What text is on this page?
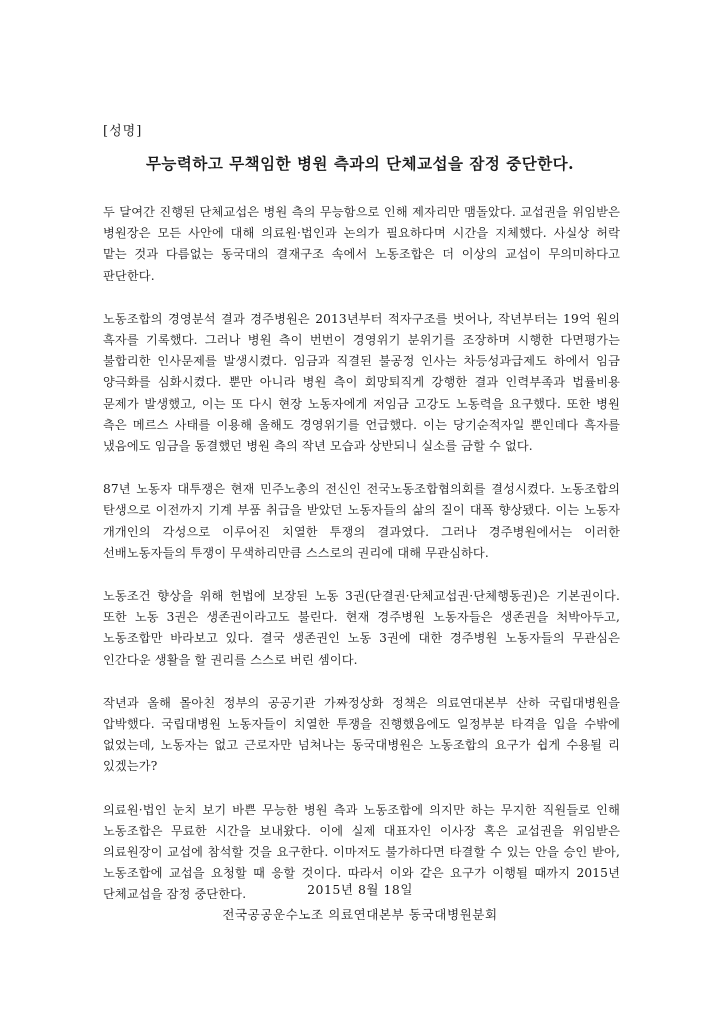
[성명]
무능력하고 무책임한 병원 측과의 단체교섭을 잠정 중단한다.

두 달여간 진행된 단체교섭은 병원 측의 무능함으로 인해 제자리만 맴돌았다. 교섭권을 위임받은 병원장은 모든 사안에 대해 의료원·법인과 논의가 필요하다며 시간을 지체했다. 사실상 허락 맡는 것과 다름없는 동국대의 결재구조 속에서 노동조합은 더 이상의 교섭이 무의미하다고 판단한다.

노동조합의 경영분석 결과 경주병원은 2013년부터 적자구조를 벗어나, 작년부터는 19억 원의 흑자를 기록했다. 그러나 병원 측이 번번이 경영위기 분위기를 조장하며 시행한 다면평가는 불합리한 인사문제를 발생시켰다. 임금과 직결된 불공정 인사는 차등성과급제도 하에서 임금 양극화를 심화시켰다. 뿐만 아니라 병원 측이 회망퇴직게 강행한 결과 인력부족과 법률비용 문제가 발생했고, 이는 또 다시 현장 노동자에게 저임금 고강도 노동력을 요구했다. 또한 병원 측은 메르스 사태를 이용해 올해도 경영위기를 언급했다. 이는 당기순적자일 뿐인데다 흑자를 냈음에도 임금을 동결했던 병원 측의 작년 모습과 상반되니 실소를 금할 수 없다.

87년 노동자 대투쟁은 현재 민주노총의 전신인 전국노동조합협의회를 결성시켰다. 노동조합의 탄생으로 이전까지 기계 부품 취급을 받았던 노동자들의 삶의 질이 대폭 향상됐다. 이는 노동자 개개인의 각성으로 이루어진 치열한 투쟁의 결과였다. 그러나 경주병원에서는 이러한 선배노동자들의 투쟁이 무색하리만큼 스스로의 권리에 대해 무관심하다.

노동조건 향상을 위해 헌법에 보장된 노동 3권(단결권·단체교섭권·단체행동권)은 기본권이다. 또한 노동 3권은 생존권이라고도 불린다. 현재 경주병원 노동자들은 생존권을 처박아두고, 노동조합만 바라보고 있다. 결국 생존권인 노동 3권에 대한 경주병원 노동자들의 무관심은 인간다운 생활을 할 권리를 스스로 버린 셈이다.

작년과 올해 몰아친 정부의 공공기관 가짜정상화 정책은 의료연대본부 산하 국립대병원을 압박했다. 국립대병원 노동자들이 치열한 투쟁을 진행했음에도 일정부분 타격을 입을 수밖에 없었는데, 노동자는 없고 근로자만 넘쳐나는 동국대병원은 노동조합의 요구가 쉽게 수용될 리 있겠는가?

의료원·법인 눈치 보기 바쁜 무능한 병원 측과 노동조합에 의지만 하는 무지한 직원들로 인해 노동조합은 무료한 시간을 보내왔다. 이에 실제 대표자인 이사장 혹은 교섭권을 위임받은 의료원장이 교섭에 참석할 것을 요구한다. 이마저도 불가하다면 타결할 수 있는 안을 승인 받아, 노동조합에 교섭을 요청할 때 응할 것이다. 따라서 이와 같은 요구가 이행될 때까지 2015년 단체교섭을 잠정 중단한다.	2015년 8월 18일
전국공공운수노조 의료연대본부 동국대병원분회
